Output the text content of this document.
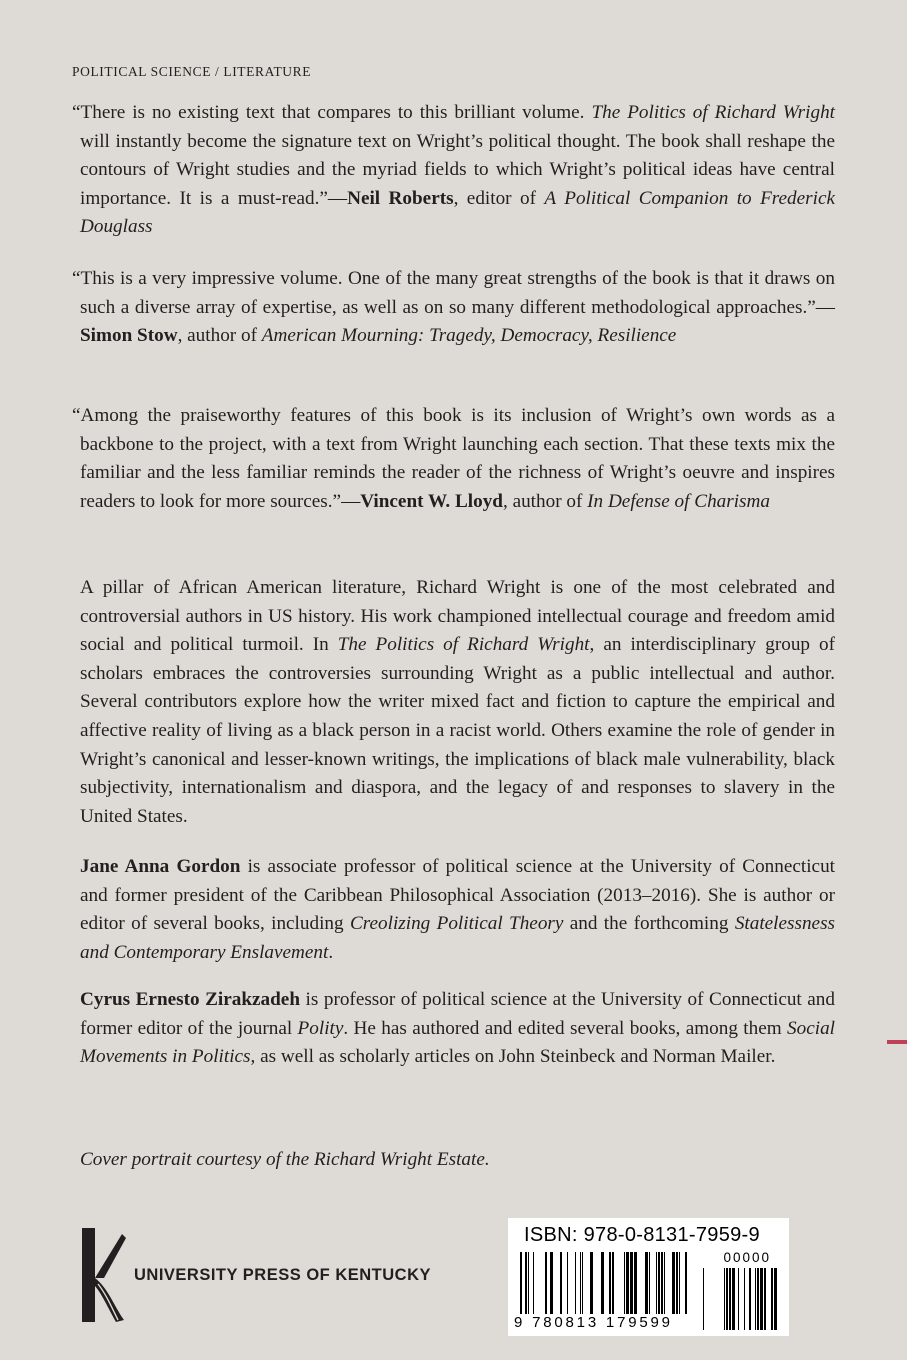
POLITICAL SCIENCE / LITERATURE
“There is no existing text that compares to this brilliant volume. The Politics of Richard Wright will instantly become the signature text on Wright’s political thought. The book shall reshape the contours of Wright studies and the myriad fields to which Wright’s political ideas have central importance. It is a must-read.”—Neil Roberts, editor of A Political Companion to Frederick Douglass
“This is a very impressive volume. One of the many great strengths of the book is that it draws on such a diverse array of expertise, as well as on so many different methodological approaches.”—Simon Stow, author of American Mourning: Tragedy, Democracy, Resilience
“Among the praiseworthy features of this book is its inclusion of Wright’s own words as a backbone to the project, with a text from Wright launching each section. That these texts mix the familiar and the less familiar reminds the reader of the richness of Wright’s oeuvre and inspires readers to look for more sources.”—Vincent W. Lloyd, author of In Defense of Charisma
A pillar of African American literature, Richard Wright is one of the most celebrated and controversial authors in US history. His work championed intellectual courage and freedom amid social and political turmoil. In The Politics of Richard Wright, an interdisciplinary group of scholars embraces the controversies surrounding Wright as a public intellectual and author. Several contributors explore how the writer mixed fact and fiction to capture the empirical and affective reality of living as a black person in a racist world. Others examine the role of gender in Wright’s canonical and lesser-known writings, the implications of black male vulnerability, black subjectivity, internationalism and diaspora, and the legacy of and responses to slavery in the United States.
Jane Anna Gordon is associate professor of political science at the University of Connecticut and former president of the Caribbean Philosophical Association (2013–2016). She is author or editor of several books, including Creolizing Political Theory and the forthcoming Statelessness and Contemporary Enslavement.
Cyrus Ernesto Zirakzadeh is professor of political science at the University of Connecticut and former editor of the journal Polity. He has authored and edited several books, among them Social Movements in Politics, as well as scholarly articles on John Steinbeck and Norman Mailer.
Cover portrait courtesy of the Richard Wright Estate.
UNIVERSITY PRESS OF KENTUCKY
ISBN: 978-0-8131-7959-9
00000
9 780813 179599
